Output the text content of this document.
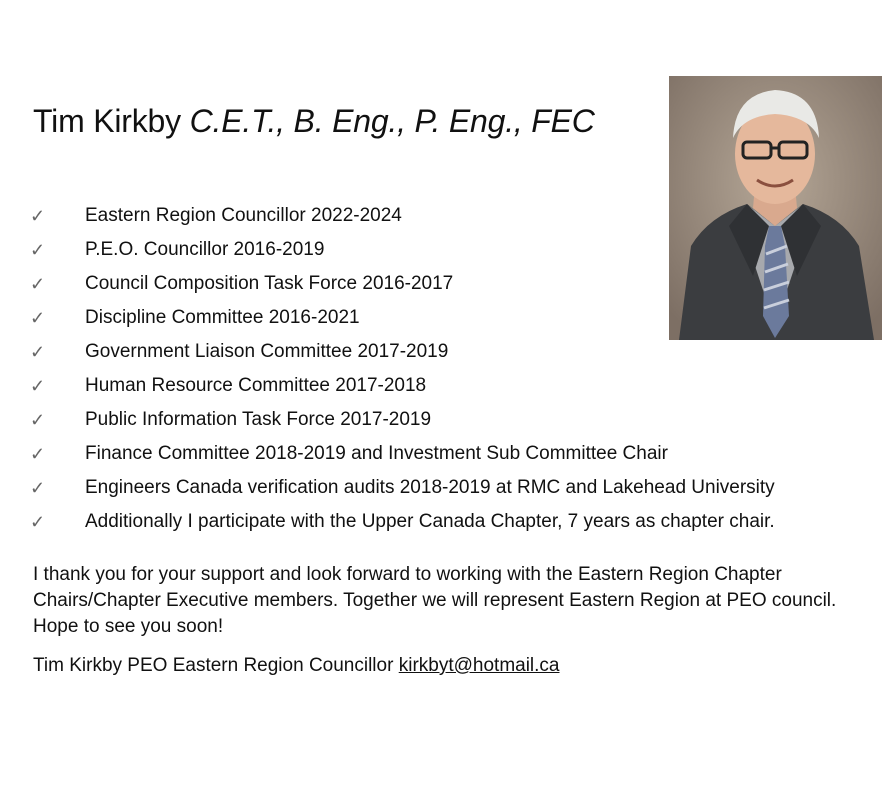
Tim Kirkby C.E.T., B. Eng., P. Eng., FEC
✓	Eastern Region Councillor 2022-2024
✓	P.E.O. Councillor 2016-2019
✓	Council Composition Task Force 2016-2017
✓	Discipline Committee 2016-2021
✓	Government Liaison Committee 2017-2019
✓	Human Resource Committee 2017-2018
✓	Public Information Task Force 2017-2019
✓	Finance Committee 2018-2019 and Investment Sub Committee Chair
✓	Engineers Canada verification audits 2018-2019 at RMC and Lakehead University
✓	Additionally I participate with the Upper Canada Chapter, 7 years as chapter chair.
I thank you for your support and look forward to working with the Eastern Region Chapter Chairs/Chapter Executive members. Together we will represent Eastern Region at PEO council. Hope to see you soon!
Tim Kirkby PEO Eastern Region Councillor kirkbyt@hotmail.ca
